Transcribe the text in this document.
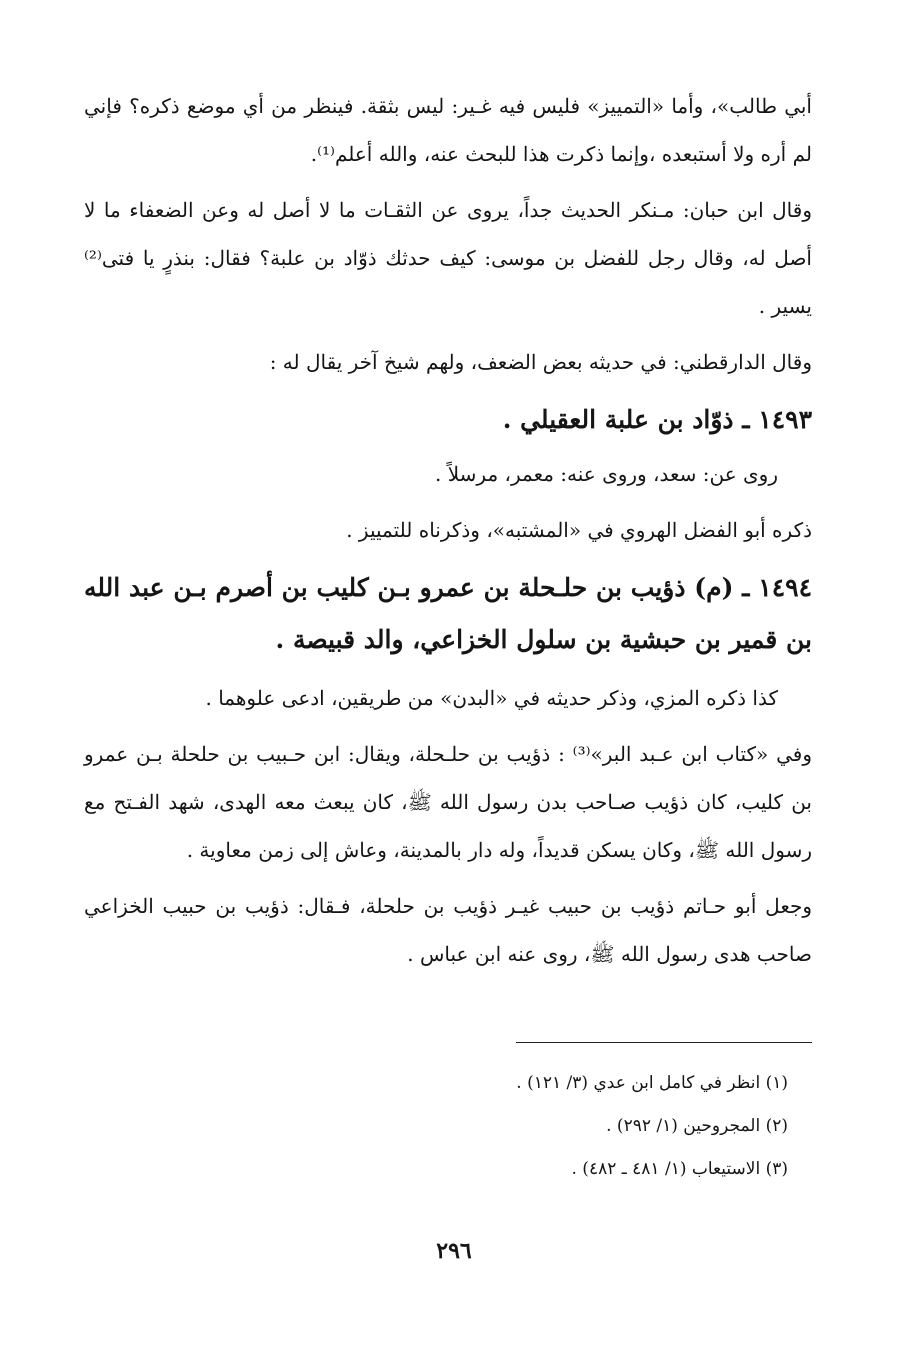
أبي طالب»، وأما «التمييز» فليس فيه غـير: ليس بثقة. فينظر من أي موضع ذكره؟ فإني لم أره ولا أستبعده ،وإنما ذكرت هذا للبحث عنه، والله أعلم⁽¹⁾.

وقال ابن حبان: مـنكر الحديث جداً، يروى عن الثقـات ما لا أصل له وعن الضعفاء ما لا أصل له، وقال رجل للفضل بن موسى: كيف حدثك ذوّاد بن علبة؟ فقال: بنذرٍ يا فتى⁽²⁾ يسير .

وقال الدارقطني: في حديثه بعض الضعف، ولهم شيخ آخر يقال له :

١٤٩٣ ـ ذوّاد بن علبة العقيلي .

روى عن: سعد، وروى عنه: معمر، مرسلاً .

ذكره أبو الفضل الهروي في «المشتبه»، وذكرناه للتمييز .

١٤٩٤ ـ (م) ذؤيب بن حلـحلة بن عمرو بـن كليب بن أصرم بـن عبد الله بن قمير بن حبشية بن سلول الخزاعي، والد قبيصة .

كذا ذكره المزي، وذكر حديثه في «البدن» من طريقين، ادعى علوهما .

وفي «كتاب ابن عـبد البر»⁽³⁾ : ذؤيب بن حلـحلة، ويقال: ابن حـبيب بن حلحلة بـن عمرو بن كليب، كان ذؤيب صـاحب بدن رسول الله ﷺ، كان يبعث معه الهدى، شهد الفـتح مع رسول الله ﷺ، وكان يسكن قديداً، وله دار بالمدينة، وعاش إلى زمن معاوية .

وجعل أبو حـاتم ذؤيب بن حبيب غيـر ذؤيب بن حلحلة، فـقال: ذؤيب بن حبيب الخزاعي صاحب هدى رسول الله ﷺ، روى عنه ابن عباس .

(١) انظر في كامل ابن عدي (٣/ ١٢١) .
(٢) المجروحين (١/ ٢٩٢) .
(٣) الاستيعاب (١/ ٤٨١ ـ ٤٨٢) .
٢٩٦
